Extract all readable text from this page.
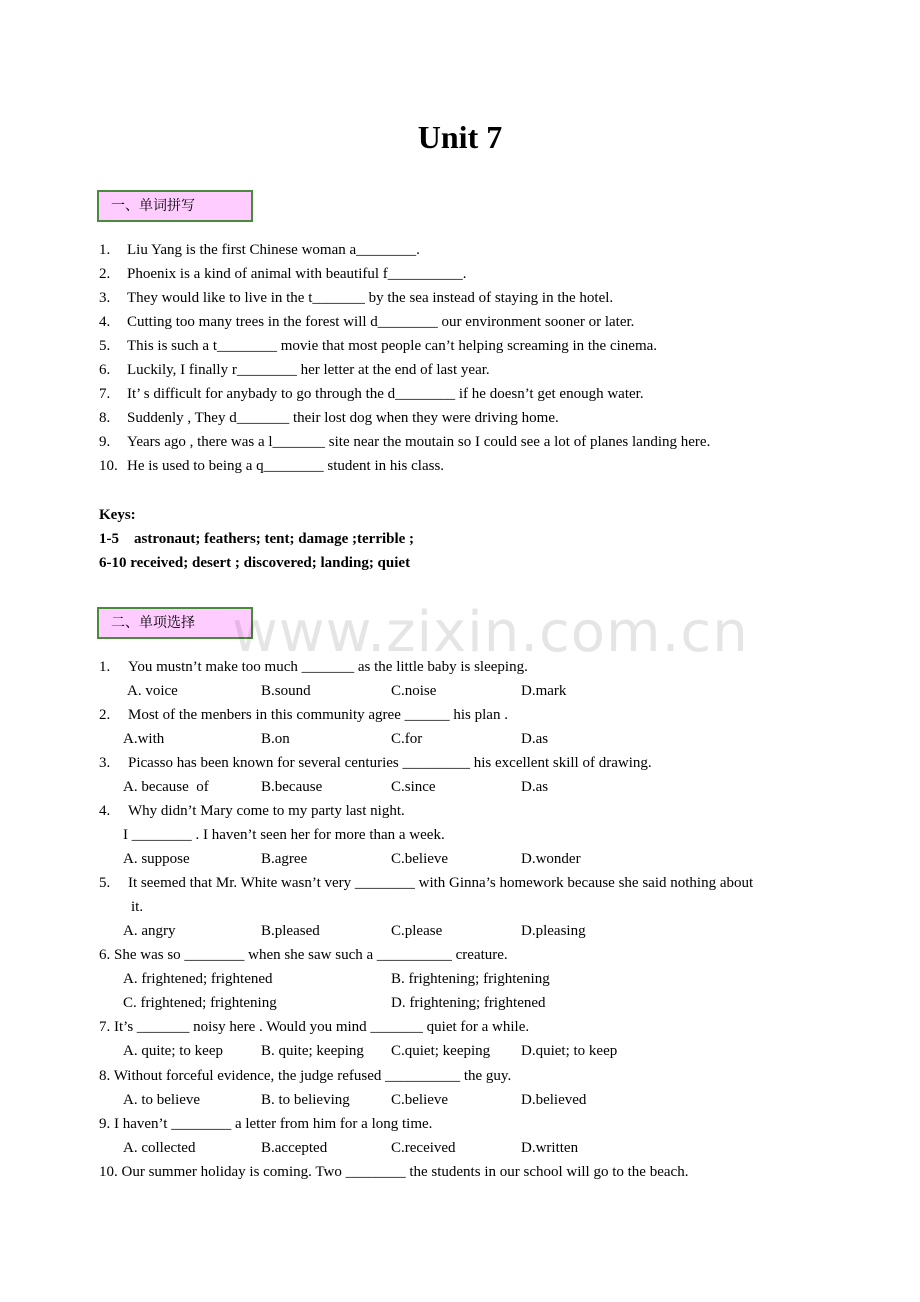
Unit 7
一、单词拼写
1. Liu Yang is the first Chinese woman a________.
2. Phoenix is a kind of animal with beautiful f__________.
3. They would like to live in the t_______ by the sea instead of staying in the hotel.
4. Cutting too many trees in the forest will d________ our environment sooner or later.
5. This is such a t________ movie that most people can’t helping screaming in the cinema.
6. Luckily, I finally r________ her letter at the end of last year.
7. It’ s difficult for anybady to go through the d________ if he doesn’t get enough water.
8. Suddenly , They d_______ their lost dog when they were driving home.
9. Years ago , there was a l_______ site near the moutain so I could see a lot of planes landing here.
10. He is used to being a q________ student in his class.
Keys:
1-5    astronaut; feathers; tent; damage ;terrible ;
6-10 received; desert ; discovered; landing; quiet
二、单项选择 www.zixin.com.cn
1. You mustn’t make too much _______ as the little baby is sleeping.
A. voice	B.sound	C.noise	D.mark
2. Most of the menbers in this community agree ______ his plan .
A.with	B.on	C.for	D.as
3. Picasso has been known for several centuries _________ his excellent skill of drawing.
A. because  of	B.because	C.since	D.as
4. Why didn’t Mary come to my party last night.
I ________ . I haven’t seen her for more than a week.
A. suppose	B.agree	C.believe	D.wonder
5. It seemed that Mr. White wasn’t very ________ with Ginna’s homework because she said nothing about
it.
A. angry	B.pleased	C.please	D.pleasing
6. She was so ________ when she saw such a __________ creature.
A. frightened; frightened	B. frightening; frightening
C. frightened; frightening	D. frightening; frightened
7. It’s _______ noisy here . Would you mind _______ quiet for a while.
A. quite; to keep	B. quite; keeping C.quiet; keeping D.quiet; to keep
8. Without forceful evidence, the judge refused __________ the guy.
A. to believe	B. to believing	C.believe	D.believed
9. I haven’t ________ a letter from him for a long time.
A. collected	B.accepted	C.received	D.written
10. Our summer holiday is coming. Two ________ the students in our school will go to the beach.
